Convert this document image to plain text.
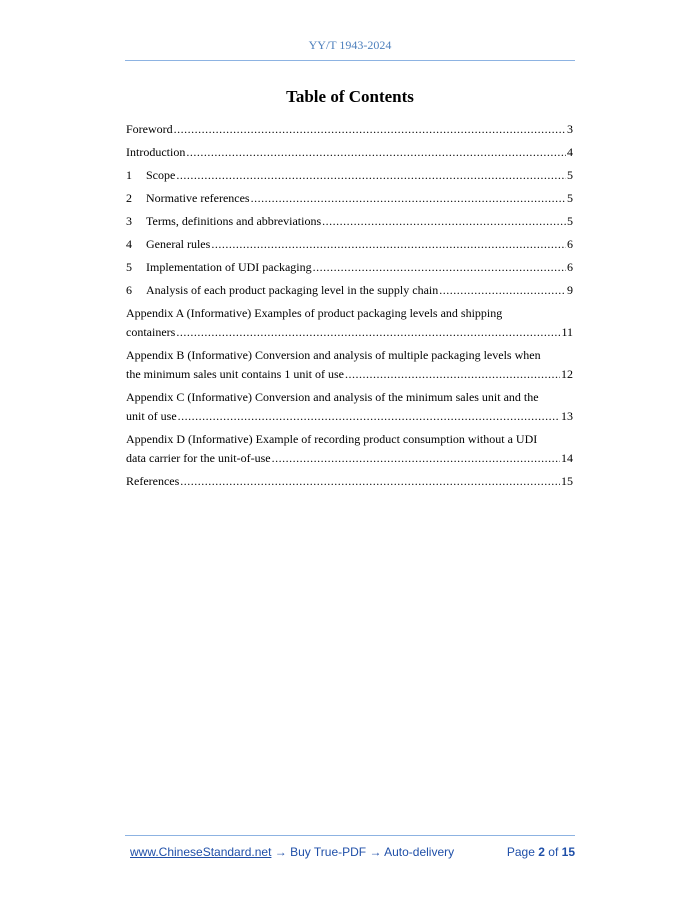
YY/T 1943-2024
Table of Contents
Foreword .....	3
Introduction .....	4
1	Scope .....	5
2	Normative references .....	5
3	Terms, definitions and abbreviations .....	5
4	General rules .....	6
5	Implementation of UDI packaging .....	6
6	Analysis of each product packaging level in the supply chain .....	9
Appendix A (Informative) Examples of product packaging levels and shipping
containers .....	11
Appendix B (Informative) Conversion and analysis of multiple packaging levels when
the minimum sales unit contains 1 unit of use .....	12
Appendix C (Informative) Conversion and analysis of the minimum sales unit and the
unit of use .....	13
Appendix D (Informative) Example of recording product consumption without a UDI
data carrier for the unit-of-use .....	14
References .....	15
www.ChineseStandard.net → Buy True-PDF → Auto-delivery	Page 2 of 15
